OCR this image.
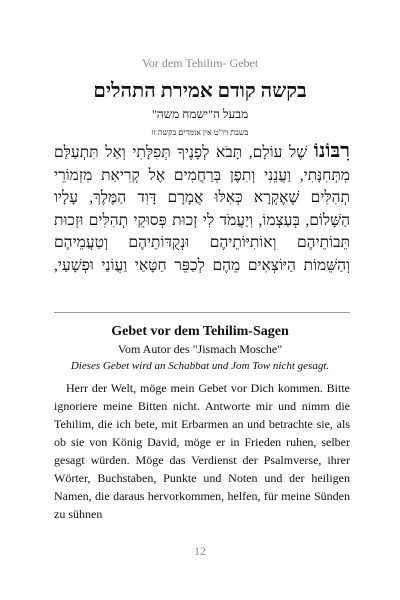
Vor dem Tehilim- Gebet
בקשה קודם אמירת התהלים
מבעל ה"ישמח משה"
בשבת ויו"ט אין אומרים בקשה זו
רִבּוֹנוֹ שֶׁל עוֹלָם, תָּבֹא לְפָנֶיךָ תְּפִלָּתִי וְאַל תִּתְעַלַּם מִתְּחִנָּתִי, וַעֲנֵנִי וְתִפֶן בְּרַחֲמִים אֶל קְרִיאַת מִזְמוֹרֵי תְהִלִּים שֶׁאֶקְרָא כְּאִלּוּ אֲמָרָם דָּוִד הַמֶּלֶךְ, עָלָיו הַשָּׁלוֹם, בְּעַצְמוֹ, וִיַעֲמֹד לִי זְכוּת פְּסוּקֵי תְהִלִּים וּזְכוּת תֵּבוֹתֵיהֶם וְאוֹתִיּוֹתֵיהֶם וּנְקֻדּוֹתֵיהֶם וְטַעֲמֵיהֶם וְהַשֵּׁמוֹת הַיּוֹצְאִים מֵהֶם לְכַפֵּר חַטָּאַי וַעֲוֹנַי וּפְשָׁעַי,
Gebet vor dem Tehilim-Sagen
Vom Autor des "Jismach Mosche"
Dieses Gebet wird an Schabbat und Jom Tow nicht gesagt.
Herr der Welt, möge mein Gebet vor Dich kommen. Bitte ignoriere meine Bitten nicht. Antworte mir und nimm die Tehilim, die ich bete, mit Erbarmen an und betrachte sie, als ob sie von König David, möge er in Frieden ruhen, selber gesagt würden. Möge das Verdienst der Psalmverse, ihrer Wörter, Buchstaben, Punkte und Noten und der heiligen Namen, die daraus hervorkommen, helfen, für meine Sünden zu sühnen
12
